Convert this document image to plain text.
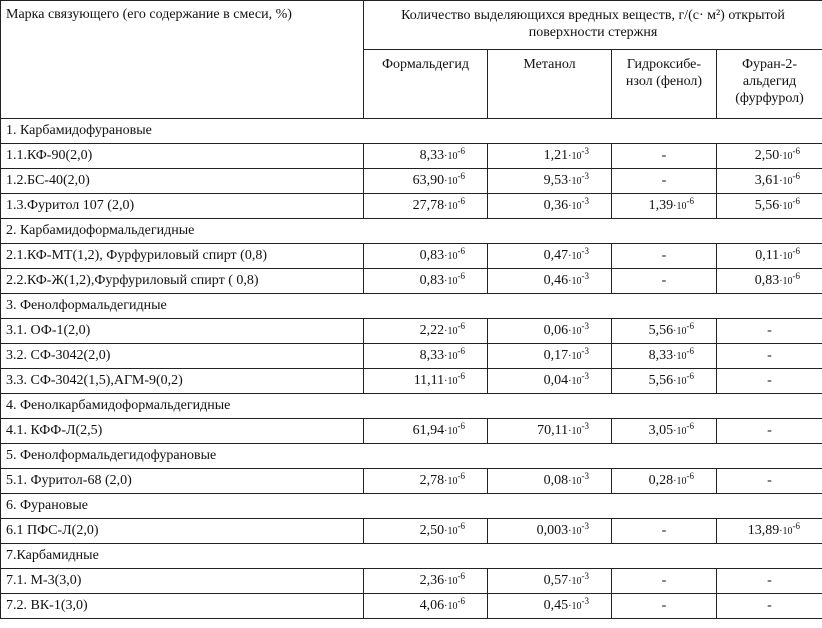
Марка связующего (его содержание в смеси, %)	Количество выделяющихся вредных веществ, г/(с· м²) открытой поверхности стержня			
	Формальдегид	Метанол	Гидроксибензол (фенол)	Фуран-2-альдегид (фурфурол)
1. Карбамидофурановые				
1.1.КФ-90(2,0)	$8,33\cdot 10^{-6}$	$1,21\cdot 10^{-3}$	-	$2,50\cdot 10^{-6}$
1.2.БС-40(2,0)	$63,90\cdot 10^{-6}$	$9,53\cdot 10^{-3}$	-	$3,61\cdot 10^{-6}$
1.3.Фуритол 107 (2,0)	$27,78\cdot 10^{-6}$	$0,36\cdot 10^{-3}$	$1,39\cdot 10^{-6}$	$5,56\cdot 10^{-6}$
2. Карбамидоформальдегидные				
2.1.КФ-МТ(1,2), Фурфуриловый спирт (0,8)	$0,83\cdot 10^{-6}$	$0,47\cdot 10^{-3}$	-	$0,11\cdot 10^{-6}$
2.2.КФ-Ж(1,2),Фурфуриловый спирт ( 0,8)	$0,83\cdot 10^{-6}$	$0,46\cdot 10^{-3}$	-	$0,83\cdot 10^{-6}$
3. Фенолформальдегидные				
3.1. ОФ-1(2,0)	$2,22\cdot 10^{-6}$	$0,06\cdot 10^{-3}$	$5,56\cdot 10^{-6}$	-
3.2. СФ-3042(2,0)	$8,33\cdot 10^{-6}$	$0,17\cdot 10^{-3}$	$8,33\cdot 10^{-6}$	-
3.3. СФ-3042(1,5),АГМ-9(0,2)	$11,11\cdot 10^{-6}$	$0,04\cdot 10^{-3}$	$5,56\cdot 10^{-6}$	-
4. Фенолкарбамидоформальдегидные				
4.1. КФФ-Л(2,5)	$61,94\cdot 10^{-6}$	$70,11\cdot 10^{-3}$	$3,05\cdot 10^{-6}$	-
5. Фенолформальдегидофурановые				
5.1. Фуритол-68 (2,0)	$2,78\cdot 10^{-6}$	$0,08\cdot 10^{-3}$	$0,28\cdot 10^{-6}$	-
6. Фурановые				
6.1 ПФС-Л(2,0)	$2,50\cdot 10^{-6}$	$0,003\cdot 10^{-3}$	-	$13,89\cdot 10^{-6}$
7.Карбамидные				
7.1. М-3(3,0)	$2,36\cdot 10^{-6}$	$0,57\cdot 10^{-3}$	-	-
7.2. ВК-1(3,0)	$4,06\cdot 10^{-6}$	$0,45\cdot 10^{-3}$	-	-
